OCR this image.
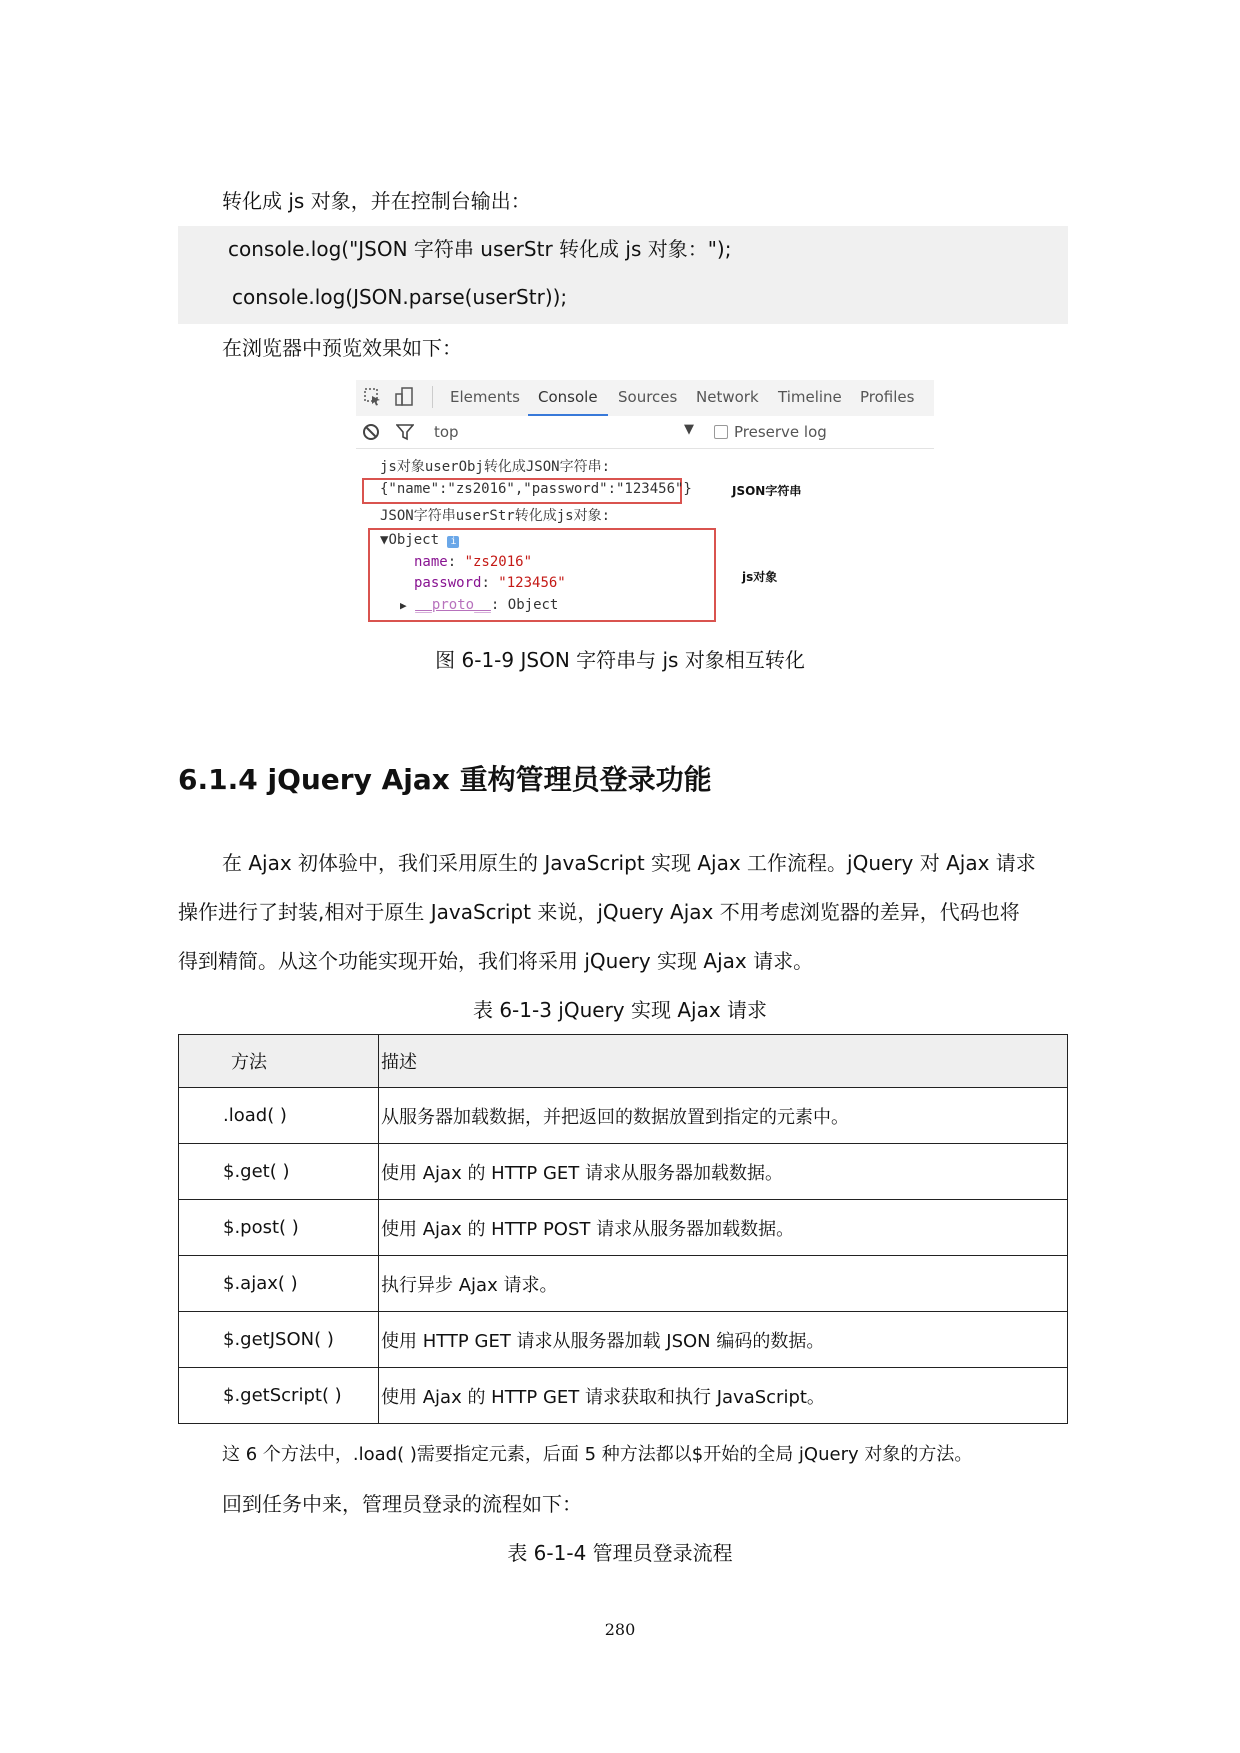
转化成 js 对象，并在控制台输出：
console.log("JSON 字符串 userStr 转化成 js 对象：");
console.log(JSON.parse(userStr));
在浏览器中预览效果如下：
Elements Console Sources Network Timeline Profiles
top	▼	Preserve log
js对象userObj转化成JSON字符串:
{"name":"zs2016","password":"123456"}	JSON字符串
JSON字符串userStr转化成js对象:
▼Object i
name: "zs2016"
password: "123456"
▶ __proto__: Object
js对象
图 6-1-9 JSON 字符串与 js 对象相互转化
6.1.4 jQuery Ajax 重构管理员登录功能
在 Ajax 初体验中，我们采用原生的 JavaScript 实现 Ajax 工作流程。jQuery 对 Ajax 请求
操作进行了封装,相对于原生 JavaScript 来说，jQuery Ajax 不用考虑浏览器的差异，代码也将
得到精简。从这个功能实现开始，我们将采用 jQuery 实现 Ajax 请求。
表 6-1-3 jQuery 实现 Ajax 请求
方法	描述
.load( )	从服务器加载数据，并把返回的数据放置到指定的元素中。
$.get( )	使用 Ajax 的 HTTP GET 请求从服务器加载数据。
$.post( )	使用 Ajax 的 HTTP POST 请求从服务器加载数据。
$.ajax( )	执行异步 Ajax 请求。
$.getJSON( )	使用 HTTP GET 请求从服务器加载 JSON 编码的数据。
$.getScript( )	使用 Ajax 的 HTTP GET 请求获取和执行 JavaScript。
这 6 个方法中，.load( )需要指定元素，后面 5 种方法都以$开始的全局 jQuery 对象的方法。
回到任务中来，管理员登录的流程如下：
表 6-1-4 管理员登录流程
280
